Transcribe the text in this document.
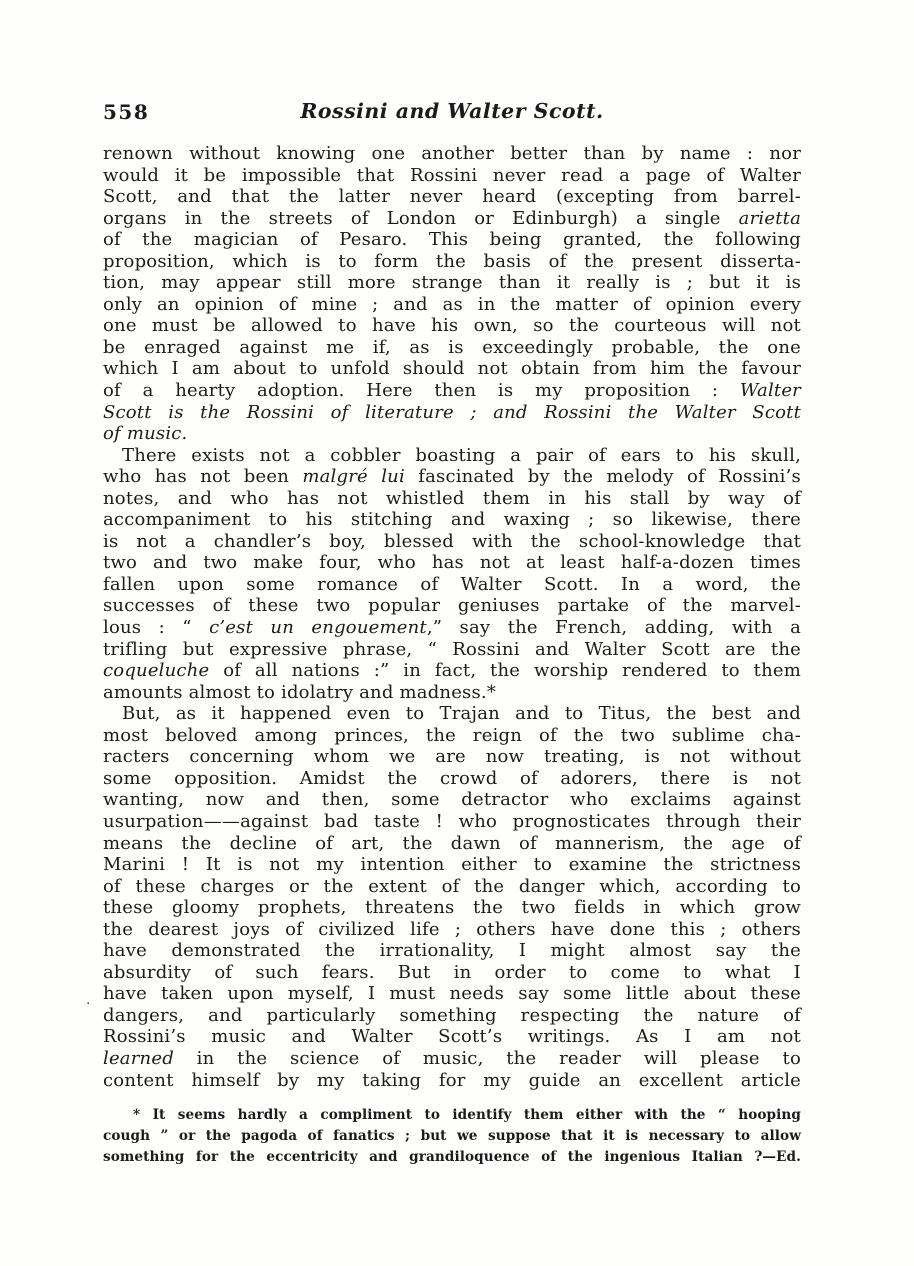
·
558	Rossini and Walter Scott.
renown without knowing one another better than by name : nor
would it be impossible that Rossini never read a page of Walter
Scott, and that the latter never heard (excepting from barrel-
organs in the streets of London or Edinburgh) a single arietta
of the magician of Pesaro. This being granted, the following
proposition, which is to form the basis of the present disserta-
tion, may appear still more strange than it really is ; but it is
only an opinion of mine ; and as in the matter of opinion every
one must be allowed to have his own, so the courteous will not
be enraged against me if, as is exceedingly probable, the one
which I am about to unfold should not obtain from him the favour
of a hearty adoption. Here then is my proposition : Walter
Scott is the Rossini of literature ; and Rossini the Walter Scott
of music.
There exists not a cobbler boasting a pair of ears to his skull,
who has not been malgré lui fascinated by the melody of Rossini’s
notes, and who has not whistled them in his stall by way of
accompaniment to his stitching and waxing ; so likewise, there
is not a chandler’s boy, blessed with the school-knowledge that
two and two make four, who has not at least half-a-dozen times
fallen upon some romance of Walter Scott. In a word, the
successes of these two popular geniuses partake of the marvel-
lous : “ c’est un engouement,” say the French, adding, with a
trifling but expressive phrase, “ Rossini and Walter Scott are the
coqueluche of all nations :” in fact, the worship rendered to them
amounts almost to idolatry and madness.*
But, as it happened even to Trajan and to Titus, the best and
most beloved among princes, the reign of the two sublime cha-
racters concerning whom we are now treating, is not without
some opposition. Amidst the crowd of adorers, there is not
wanting, now and then, some detractor who exclaims against
usurpation——against bad taste ! who prognosticates through their
means the decline of art, the dawn of mannerism, the age of
Marini ! It is not my intention either to examine the strictness
of these charges or the extent of the danger which, according to
these gloomy prophets, threatens the two fields in which grow
the dearest joys of civilized life ; others have done this ; others
have demonstrated the irrationality, I might almost say the
absurdity of such fears. But in order to come to what I
have taken upon myself, I must needs say some little about these
dangers, and particularly something respecting the nature of
Rossini’s music and Walter Scott’s writings. As I am not
learned in the science of music, the reader will please to
content himself by my taking for my guide an excellent article
* It seems hardly a compliment to identify them either with the “ hooping
cough ” or the pagoda of fanatics ; but we suppose that it is necessary to allow
something for the eccentricity and grandiloquence of the ingenious Italian ?—Ed.
